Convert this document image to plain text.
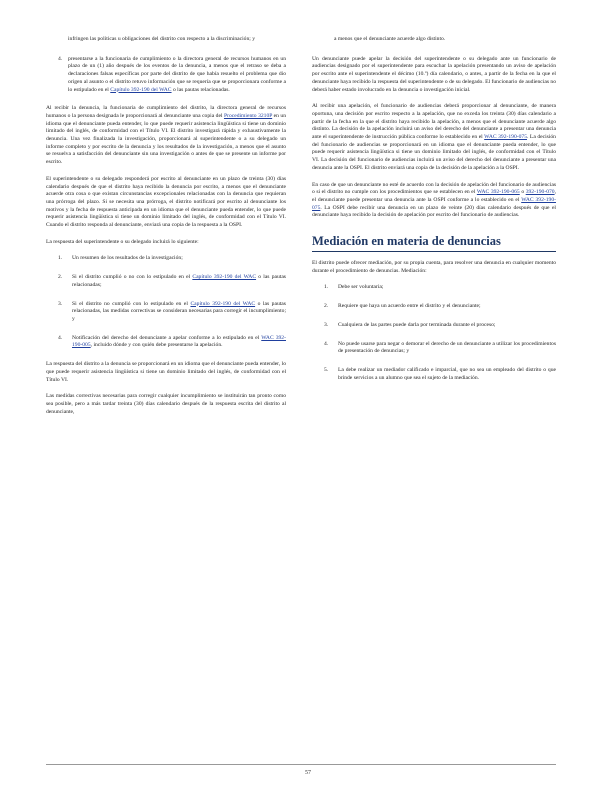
infringen las políticas u obligaciones del distrito con respecto a la discriminación; y

4. presentarse a la funcionaria de cumplimiento o la directora general de recursos humanos en un plazo de un (1) año después de los eventos de la denuncia, a menos que el retraso se deba a declaraciones falsas específicas por parte del distrito de que había resuelto el problema que dio origen al asunto o el distrito retuvo información que se requería que se proporcionara conforme a lo estipulado en el Capítulo 392-190 del WAC o las pautas relacionadas.

Al recibir la denuncia, la funcionaria de cumplimiento del distrito, la directora general de recursos humanos o la persona designada le proporcionará al denunciante una copia del Procedimiento 3210P en un idioma que el denunciante pueda entender, lo que puede requerir asistencia lingüística si tiene un dominio limitado del inglés, de conformidad con el Título VI. El distrito investigará rápida y exhaustivamente la denuncia. Una vez finalizada la investigación, proporcionará al superintendente o a su delegado un informe completo y por escrito de la denuncia y los resultados de la investigación, a menos que el asunto se resuelva a satisfacción del denunciante sin una investigación o antes de que se presente un informe por escrito.

El superintendente o su delegado responderá por escrito al denunciante en un plazo de treinta (30) días calendario después de que el distrito haya recibido la denuncia por escrito, a menos que el denunciante acuerde otra cosa o que existan circunstancias excepcionales relacionadas con la denuncia que requieran una prórroga del plazo. Si se necesita una prórroga, el distrito notificará por escrito al denunciante los motivos y la fecha de respuesta anticipada en un idioma que el denunciante pueda entender, lo que puede requerir asistencia lingüística si tiene un dominio limitado del inglés, de conformidad con el Título VI. Cuando el distrito responda al denunciante, enviará una copia de la respuesta a la OSPI.

La respuesta del superintendente o su delegado incluirá lo siguiente:

1. Un resumen de los resultados de la investigación;
2. Si el distrito cumplió o no con lo estipulado en el Capítulo 392-190 del WAC o las pautas relacionadas;
3. Si el distrito no cumplió con lo estipulado en el Capítulo 392-190 del WAC o las pautas relacionadas, las medidas correctivas se consideran necesarias para corregir el incumplimiento; y
4. Notificación del derecho del denunciante a apelar conforme a lo estipulado en el WAC 392-190-005, incluido dónde y con quién debe presentarse la apelación.

La respuesta del distrito a la denuncia se proporcionará en un idioma que el denunciante pueda entender, lo que puede requerir asistencia lingüística si tiene un dominio limitado del inglés, de conformidad con el Título VI.

Las medidas correctivas necesarias para corregir cualquier incumplimiento se instituirán tan pronto como sea posible, pero a más tardar treinta (30) días calendario después de la respuesta escrita del distrito al denunciante,

a menos que el denunciante acuerde algo distinto.

Un denunciante puede apelar la decisión del superintendente o su delegado ante un funcionario de audiencias designado por el superintendente para escuchar la apelación presentando un aviso de apelación por escrito ante el superintendente el décimo (10.º) día calendario, o antes, a partir de la fecha en la que el denunciante haya recibido la respuesta del superintendente o de su delegado. El funcionario de audiencias no deberá haber estado involucrado en la denuncia o investigación inicial.

Al recibir una apelación, el funcionario de audiencias deberá proporcionar al denunciante, de manera oportuna, una decisión por escrito respecto a la apelación, que no exceda los treinta (30) días calendario a partir de la fecha en la que el distrito haya recibido la apelación, a menos que el denunciante acuerde algo distinto. La decisión de la apelación incluirá un aviso del derecho del denunciante a presentar una denuncia ante el superintendente de instrucción pública conforme lo establecido en el WAC 392-190-075. La decisión del funcionario de audiencias se proporcionará en un idioma que el denunciante pueda entender, lo que puede requerir asistencia lingüística si tiene un dominio limitado del inglés, de conformidad con el Título VI. La decisión del funcionario de audiencias incluirá un aviso del derecho del denunciante a presentar una denuncia ante la OSPI. El distrito enviará una copia de la decisión de la apelación a la OSPI.

En caso de que un denunciante no esté de acuerdo con la decisión de apelación del funcionario de audiencias o si el distrito no cumple con los procedimientos que se establecen en el WAC 392-190-065 o 392-190-070, el denunciante puede presentar una denuncia ante la OSPI conforme a lo establecido en el WAC 392-190-075. La OSPI debe recibir una denuncia en un plazo de veinte (20) días calendario después de que el denunciante haya recibido la decisión de apelación por escrito del funcionario de audiencias.

Mediación en materia de denuncias

El distrito puede ofrecer mediación, por su propia cuenta, para resolver una denuncia en cualquier momento durante el procedimiento de denuncias. Mediación:

1. Debe ser voluntaria;
2. Requiere que haya un acuerdo entre el distrito y el denunciante;
3. Cualquiera de las partes puede darla por terminada durante el proceso;
4. No puede usarse para negar o demorar el derecho de un denunciante a utilizar los procedimientos de presentación de denuncias; y
5. La debe realizar un mediador calificado e imparcial, que no sea un empleado del distrito o que brinde servicios a un alumno que sea el sujeto de la mediación.
57
